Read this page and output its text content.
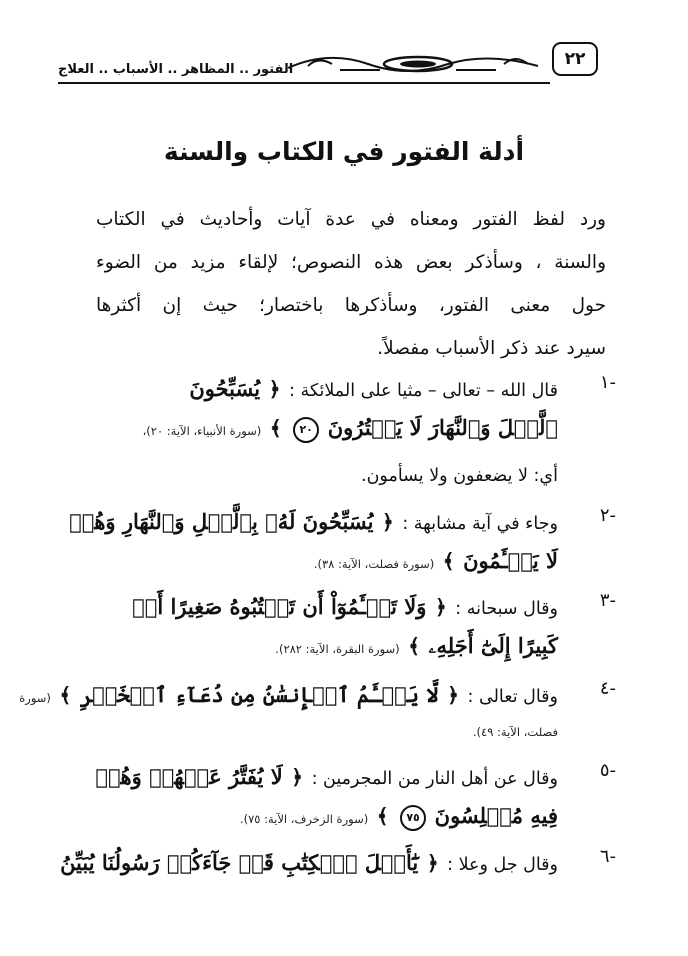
٢٢
الفتور .. المظاهر .. الأسباب .. العلاج
أدلة الفتور في الكتاب والسنة
ورد لفظ الفتور ومعناه في عدة آيات وأحاديث في الكتاب
والسنة ، وسأذكر بعض هذه النصوص؛ لإلقاء مزيد من الضوء
حول معنى الفتور، وسأذكرها باختصار؛ حيث إن أكثرها
سيرد عند ذكر الأسباب مفصلاً.
-١
قال الله – تعالى – مثيا على الملائكة : ﴿ يُسَبِّحُونَ
ٱلَّيۡلَ وَٱلنَّهَارَ لَا يَفۡتُرُونَ ٢٠ ﴾ (سورة الأنبياء، الآية: ٢٠)،
أي: لا يضعفون ولا يسأمون.
-٢
وجاء في آية مشابهة : ﴿ يُسَبِّحُونَ لَهُۥ بِٱلَّيۡلِ وَٱلنَّهَارِ وَهُمۡ
لَا يَسۡـَٔمُونَ ﴾ (سورة فصلت، الآية: ٣٨).
-٣
وقال سبحانه : ﴿ وَلَا تَسۡـَٔمُوٓاْ أَن تَكۡتُبُوهُ صَغِيرًا أَوۡ
كَبِيرًا إِلَىٰٓ أَجَلِهِۦ ﴾ (سورة البقرة، الآية: ٢٨٢).
-٤
وقال تعالى : ﴿ لَّا يَسۡـَٔمُ ٱلۡإِنسَٰنُ مِن دُعَآءِ ٱلۡخَيۡرِ ﴾ (سورة
فصلت، الآية: ٤٩).
-٥
وقال عن أهل النار من المجرمين : ﴿ لَا يُفَتَّرُ عَنۡهُمۡ وَهُمۡ
فِيهِ مُبۡلِسُونَ ٧٥ ﴾ (سورة الزخرف، الآية: ٧٥).
-٦
وقال جل وعلا : ﴿ يَٰٓأَهۡلَ ٱلۡكِتَٰبِ قَدۡ جَآءَكُمۡ رَسُولُنَا يُبَيِّنُ
